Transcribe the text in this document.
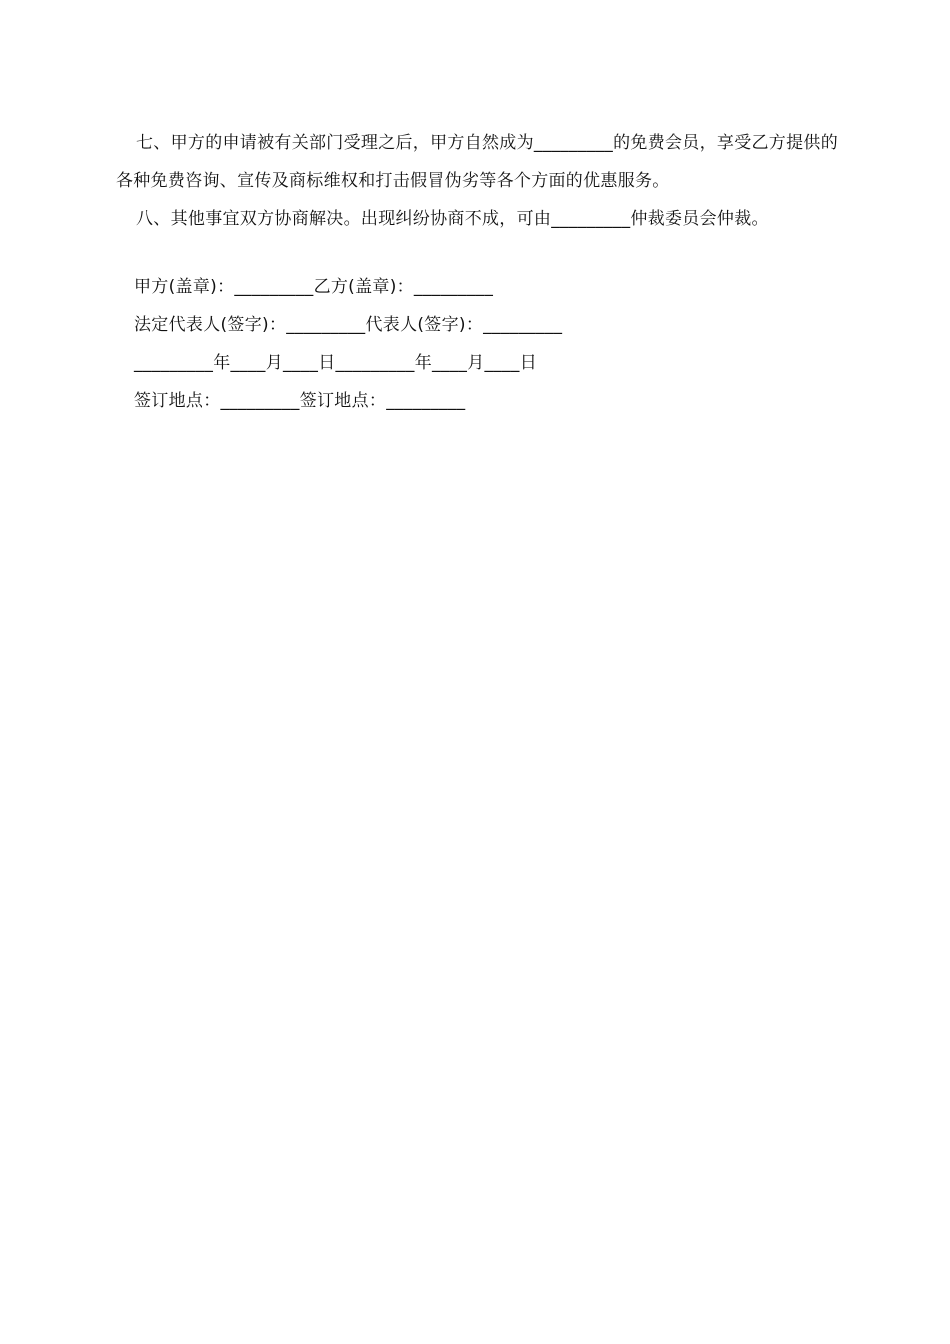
七、甲方的申请被有关部门受理之后，甲方自然成为_________的免费会员，享受乙方提供的各种免费咨询、宣传及商标维权和打击假冒伪劣等各个方面的优惠服务。

八、其他事宜双方协商解决。出现纠纷协商不成，可由_________仲裁委员会仲裁。

甲方(盖章)：_________乙方(盖章)：_________

法定代表人(签字)：_________代表人(签字)：_________

_________年____月____日_________年____月____日

签订地点：_________签订地点：_________
